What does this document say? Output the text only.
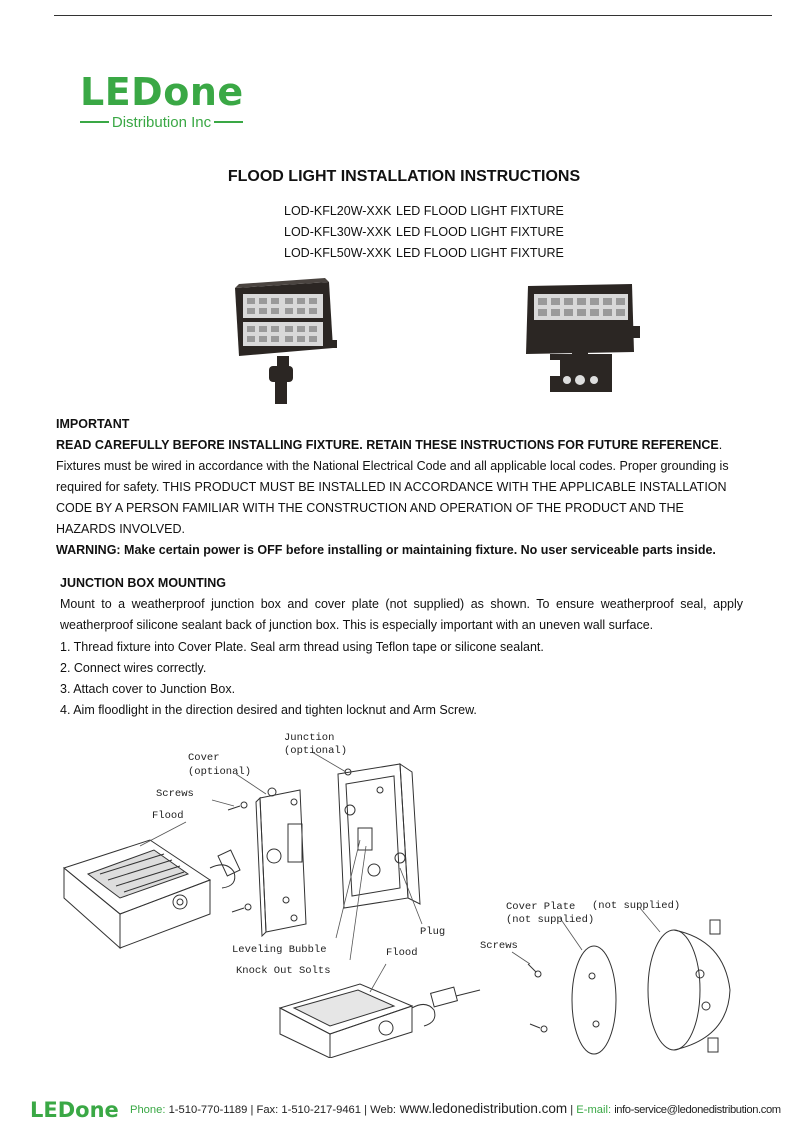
LEDone
Distribution Inc
FLOOD LIGHT INSTALLATION INSTRUCTIONS
LOD-KFL20W-XXK LED FLOOD LIGHT FIXTURE
LOD-KFL30W-XXK LED FLOOD LIGHT FIXTURE
LOD-KFL50W-XXK LED FLOOD LIGHT FIXTURE

IMPORTANT

READ CAREFULLY BEFORE INSTALLING FIXTURE. RETAIN THESE INSTRUCTIONS FOR FUTURE REFERENCE.

Fixtures must be wired in accordance with the National Electrical Code and all applicable local codes. Proper grounding is required for safety. THIS PRODUCT MUST BE INSTALLED IN ACCORDANCE WITH THE APPLICABLE INSTALLATION CODE BY A PERSON FAMILIAR WITH THE CONSTRUCTION AND OPERATION OF THE PRODUCT AND THE HAZARDS INVOLVED.

WARNING: Make certain power is OFF before installing or maintaining fixture. No user serviceable parts inside.

JUNCTION BOX MOUNTING

Mount to a weatherproof junction box and cover plate (not supplied) as shown. To ensure weatherproof seal, apply weatherproof silicone sealant back of junction box. This is especially important with an uneven wall surface.

1. Thread fixture into Cover Plate. Seal arm thread using Teflon tape or silicone sealant.

2. Connect wires correctly.

3. Attach cover to Junction Box.

4. Aim floodlight in the direction desired and tighten locknut and Arm Screw.

Cover
(optional)
Junction
(optional)
Screws
Flood
Plug
Leveling Bubble
Knock Out Solts
Flood
Screws
Cover Plate
(not supplied)
(not supplied)
LEDone Phone: 1-510-770-1189 | Fax: 1-510-217-9461 | Web: www.ledonedistribution.com | E-mail: info-service@ledonedistribution.com
